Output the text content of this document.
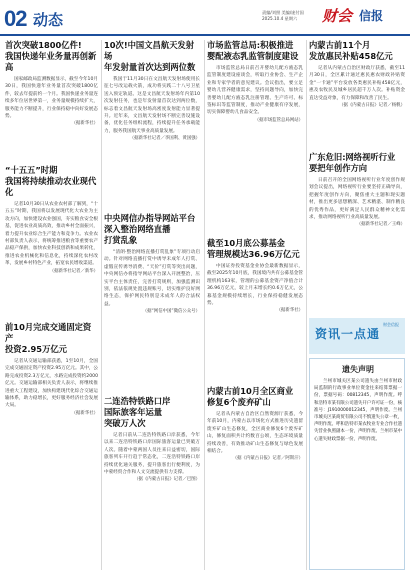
02 动态	责编/刘照 美编/庞付国
2025.10.4 星期六	财会 信报
首次突破1800亿件!
我国快递年业务量再创新高
国家邮政局监测数据显示，截至今年10月30日，我国快递年业务量首次突破1800亿件，较去年提前约一个月。我国快递业务量连续多年位居世界第一，业务量规模持续扩大，服务能力不断提升，行业保持稳中向好发展态势。
（据新华社）
“十五五”时期
我国将持续推动农业现代化
记者10月30日从农业农村部了解到，“十五五”时期，我国将以发展现代化大农业为主攻方向，加快建设农业强国，夯实粮食安全根基，促进农业高质高效，推动乡村全面振兴，着力提升农业综合生产能力和竞争力。农业农村部负责人表示，将统筹推进粮食等重要农产品稳产保供，加快农业科技创新和成果转化，推进农业机械化和信息化，持续深化农村改革，发展乡村特色产业，拓宽农民增收渠道。
（据新华社记者／新华）
前10月完成交通固定资产
投资2.95万亿元
记者从交通运输部获悉，1至10月，全国完成交通固定资产投资2.95万亿元。其中，公路完成投资2.3万亿元，水路完成投资约2000亿元。交通运输部相关负责人表示，将继续推进重大工程建设，加快构建现代化综合交通运输体系，助力稳增长，更好服务经济社会发展大局。
（据新华社）
10次!中国文昌航天发射场
年发射量首次达到两位数
我国于11月30日在文昌航天发射场使用长征七号改运载火箭，成功将实践二十八号卫星送入预定轨道。这是文昌航天发射场年内第10次发射任务，也是年发射量首次达到两位数，标志着文昌航天发射场高密度发射能力显著提升。近年来，文昌航天发射场不断完善设施设备，优化任务组织流程，持续提升任务承载能力，服务我国航天事业高质量发展。
（据新华社记者／李国利、黄国强）
中央网信办指导网站平台
深入整治网络直播
打赏乱象
“清朗·整治网络直播打赏乱象”专项行动启动。针对网络直播打赏中诱导未成年人打赏、虚假宣传诱导消费、“天价”打赏等突出问题，中央网信办将指导网站平台深入开展整治，压实平台主体责任，完善打赏规则，加强监测识别，依法依规处置违规账号，切实维护良好网络生态，保护网民特别是未成年人的合法权益。
（据“网信中国”微信公众号）
二连浩特铁路口岸
国际旅客年运量
突破万人次
记者日前从二连浩特铁路口岸获悉，今年以来二连浩特铁路口岸国际旅客运量已突破万人次。随着中蒙两国人员往来日益密切，国际旅客列车开行趋于常态化，二连浩特铁路口岸持续优化通关服务，提升旅客出行便利度，为中蒙经贸合作和人文交流提供有力支撑。
（据《内蒙古日报》记者／巴图）
市场监管总局:积极推进
婴配液态乳监管制度建设
市场监管总局日前召开婴幼儿配方液态乳监管制度建设座谈会，听取行业协会、生产企业和专家学者的意见建议。会议指出，要立足婴幼儿营养健康需求，坚持问题导向，加快完善婴幼儿配方液态乳注册管理、生产许可、标签标识等监管制度，推动产业健康有序发展，切实保障婴幼儿食品安全。
（据市场监管总局网站）
截至10月底公募基金
管理规模达36.96万亿元
中国证券投资基金业协会最新数据显示，截至2025年10月底，我国境内共有公募基金管理机构163家，管理的公募基金资产净值合计36.96万亿元，较上月末增长约0.6万亿元，公募基金规模持续增长，行业保持稳健发展态势。
（据新华社）
内蒙古前10月全区商业
修复6个废弃矿山
记者从内蒙古自治区自然资源厅获悉，今年前10月，内蒙古以市场化方式推进历史遗留废弃矿山生态修复，全区商业修复6个废弃矿山，修复面积共计约数百公顷，生态环境质量持续改善，有效推动矿山生态修复与绿色发展相结合。
（据《内蒙古日报》记者／阿斯汗）
内蒙古前11个月
发放惠民补贴458亿元
记者从内蒙古自治区财政厅获悉，截至11月30日，全区累计通过惠民惠农财政补贴资金“一卡通”平台发放各类惠民补贴458亿元，惠及农牧民及城乡居民超千万人次。补贴资金直达受益对象，有力保障和改善了民生。
（据《内蒙古日报》记者／杨帆）
广东危旧:网络视听行业
要把年创作方向
日前召开的全国网络视听行业年度创作规划会议提出，网络视听行业要坚持正确导向，把握年度创作方向，聚焦重大主题和现实题材，推出更多思想精深、艺术精湛、制作精良的优秀作品，更好满足人民群众精神文化需求，推动网络视听行业高质量发展。
（据新华社记者／王峰）
资讯一点通
财会信报
遗失声明
兰州市城关区某公司遗失由兰州市财政局监制的行政事业单位资金往来结算票据一份，票据号码：00812345，声明作废。呼和浩特市某有限公司遗失开户许可证一份，核准号：J1910000012345，声明作废。兰州市城关区某商贸有限公司不慎遗失公章一枚，声明作废。呼和浩特市某农牧业专业合作社遗失营业执照副本一份，声明作废。兰州市某中心遗失财政票据一份，声明作废。
